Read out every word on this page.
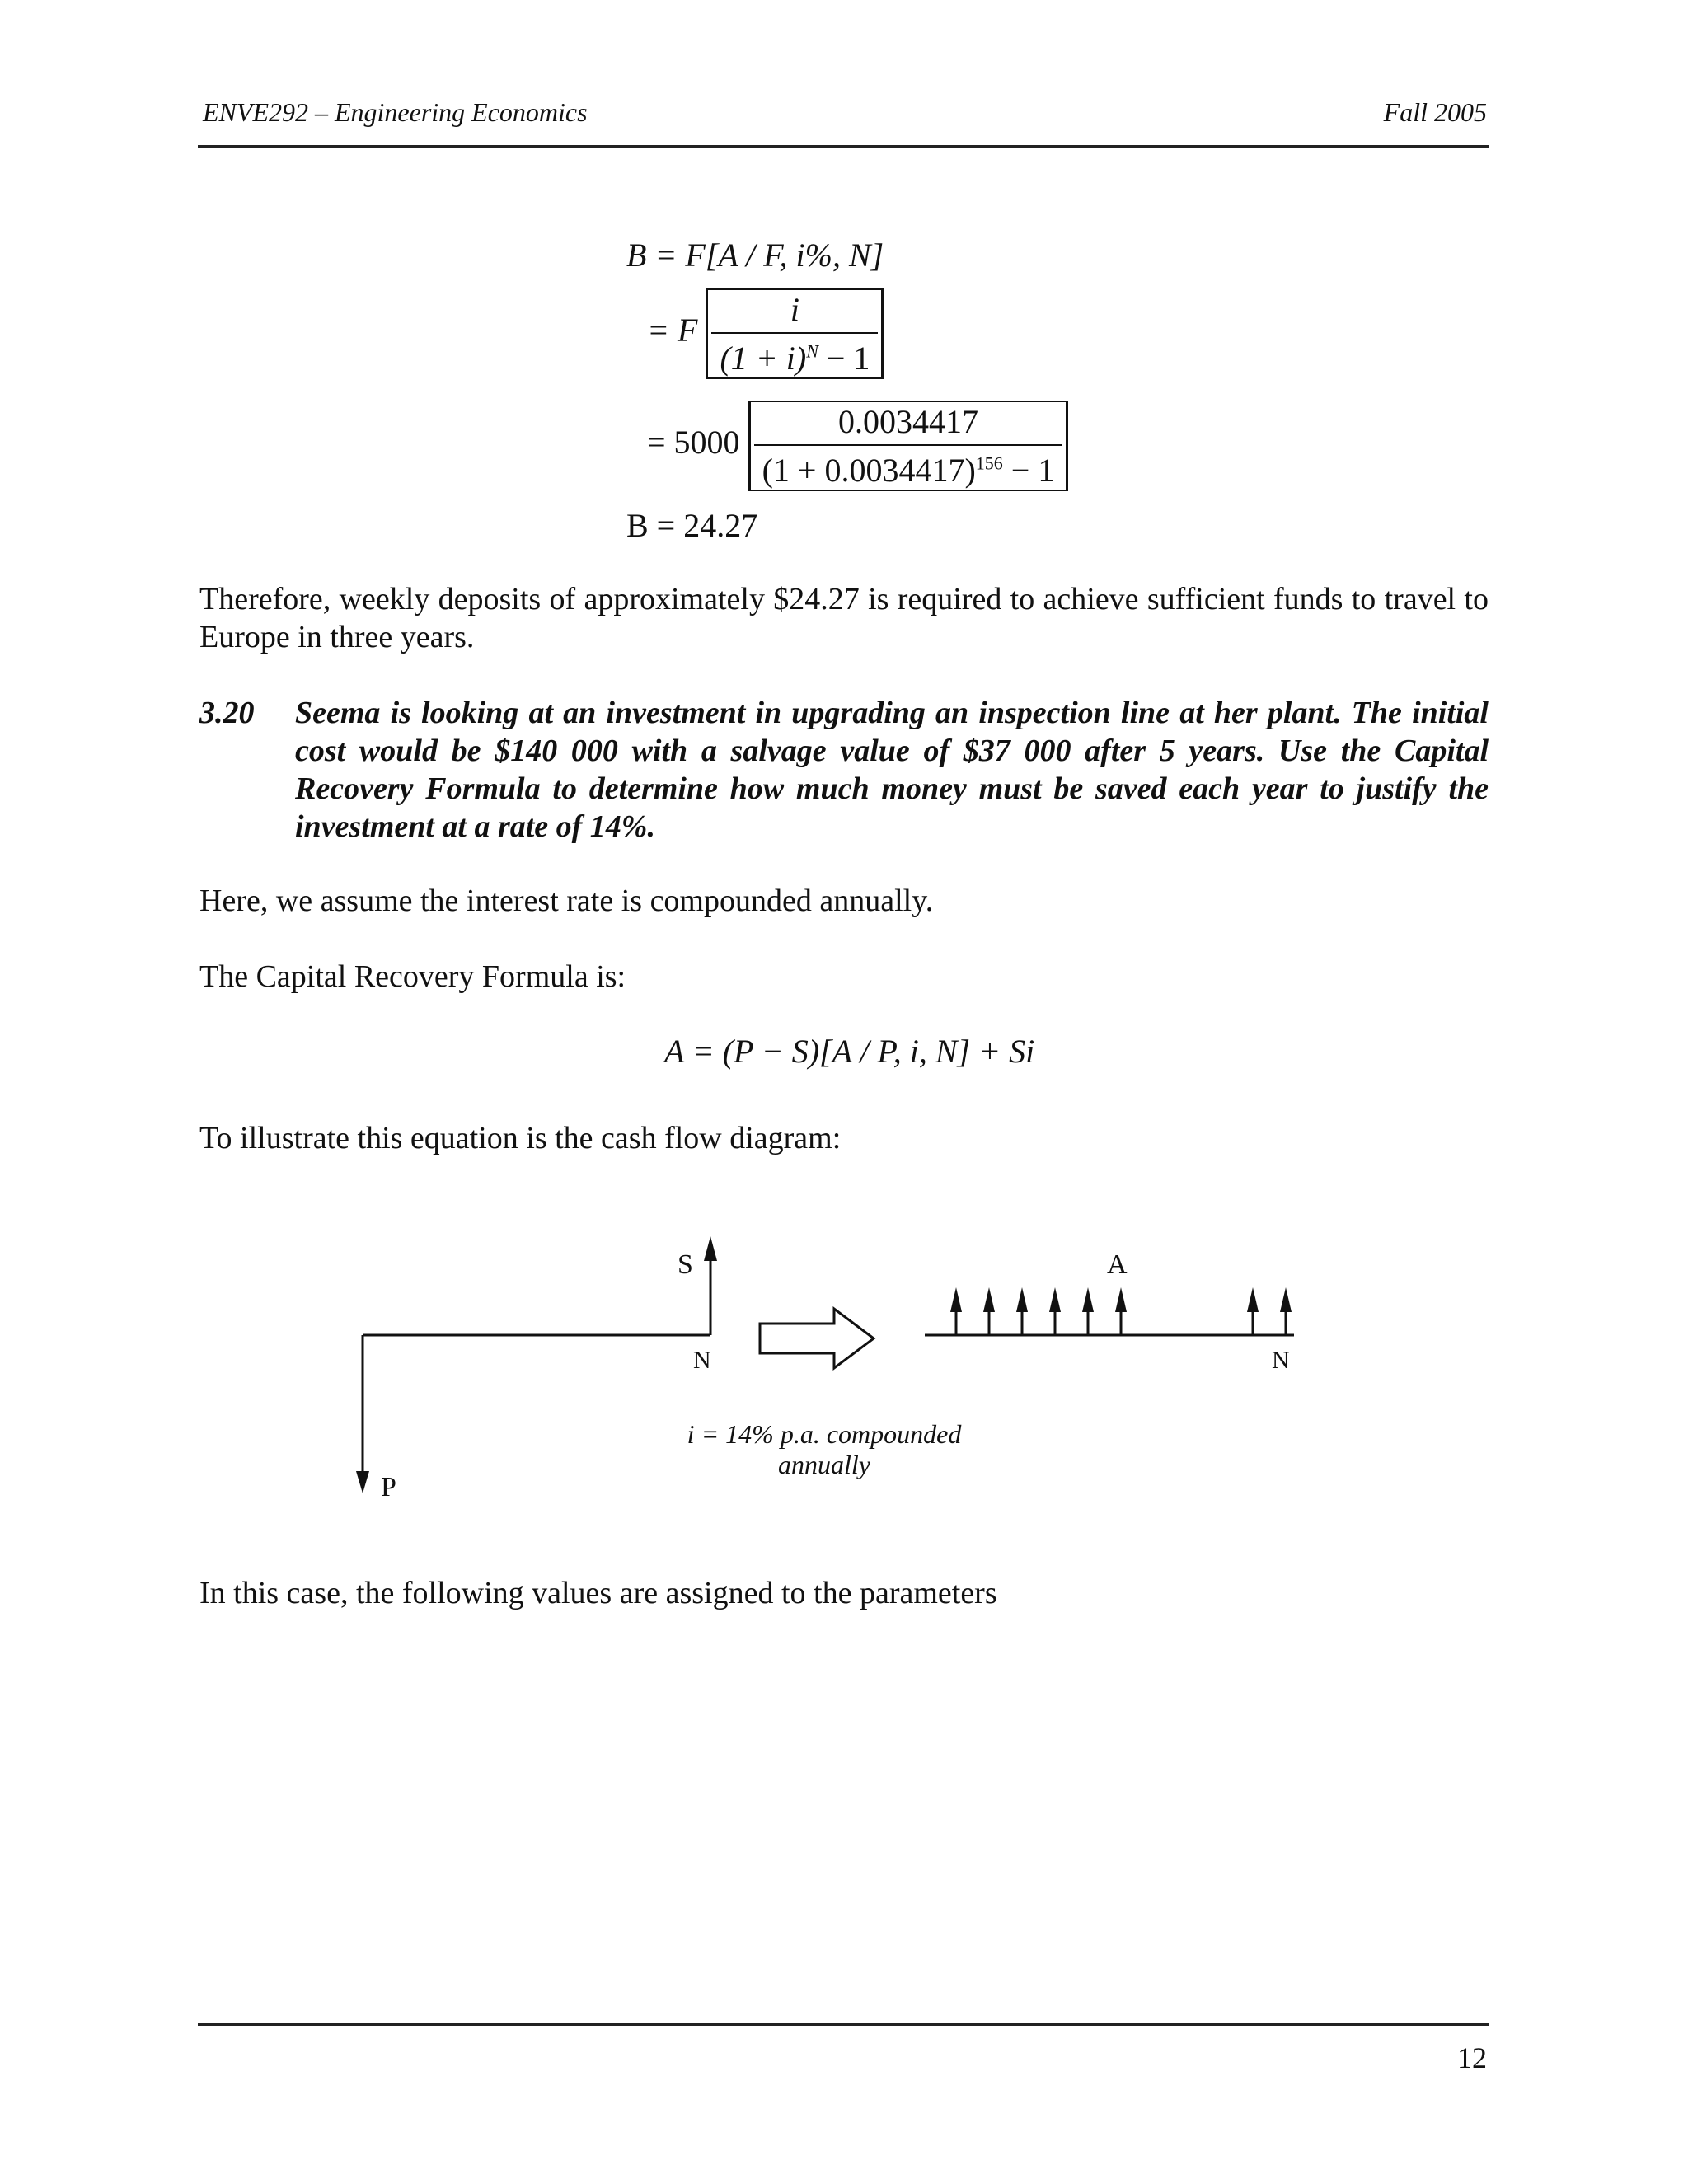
ENVE292 – Engineering Economics	Fall 2005
B = F[A / F, i%, N]
= F $\frac{i}{(1 + i)^N - 1}$
= $5000 \frac{0.0034417}{(1 + 0.0034417)^{156} - 1}$
B = 24.27
Therefore, weekly deposits of approximately $24.27 is required to achieve sufficient funds to travel to Europe in three years.
3.20 Seema is looking at an investment in upgrading an inspection line at her plant. The initial cost would be $140 000 with a salvage value of $37 000 after 5 years. Use the Capital Recovery Formula to determine how much money must be saved each year to justify the investment at a rate of 14%.
Here, we assume the interest rate is compounded annually.
The Capital Recovery Formula is:
A = (P − S)[A / P, i, N] + Si
To illustrate this equation is the cash flow diagram:
S
N
P
A
N
i = 14% p.a. compounded
annually
In this case, the following values are assigned to the parameters
12
